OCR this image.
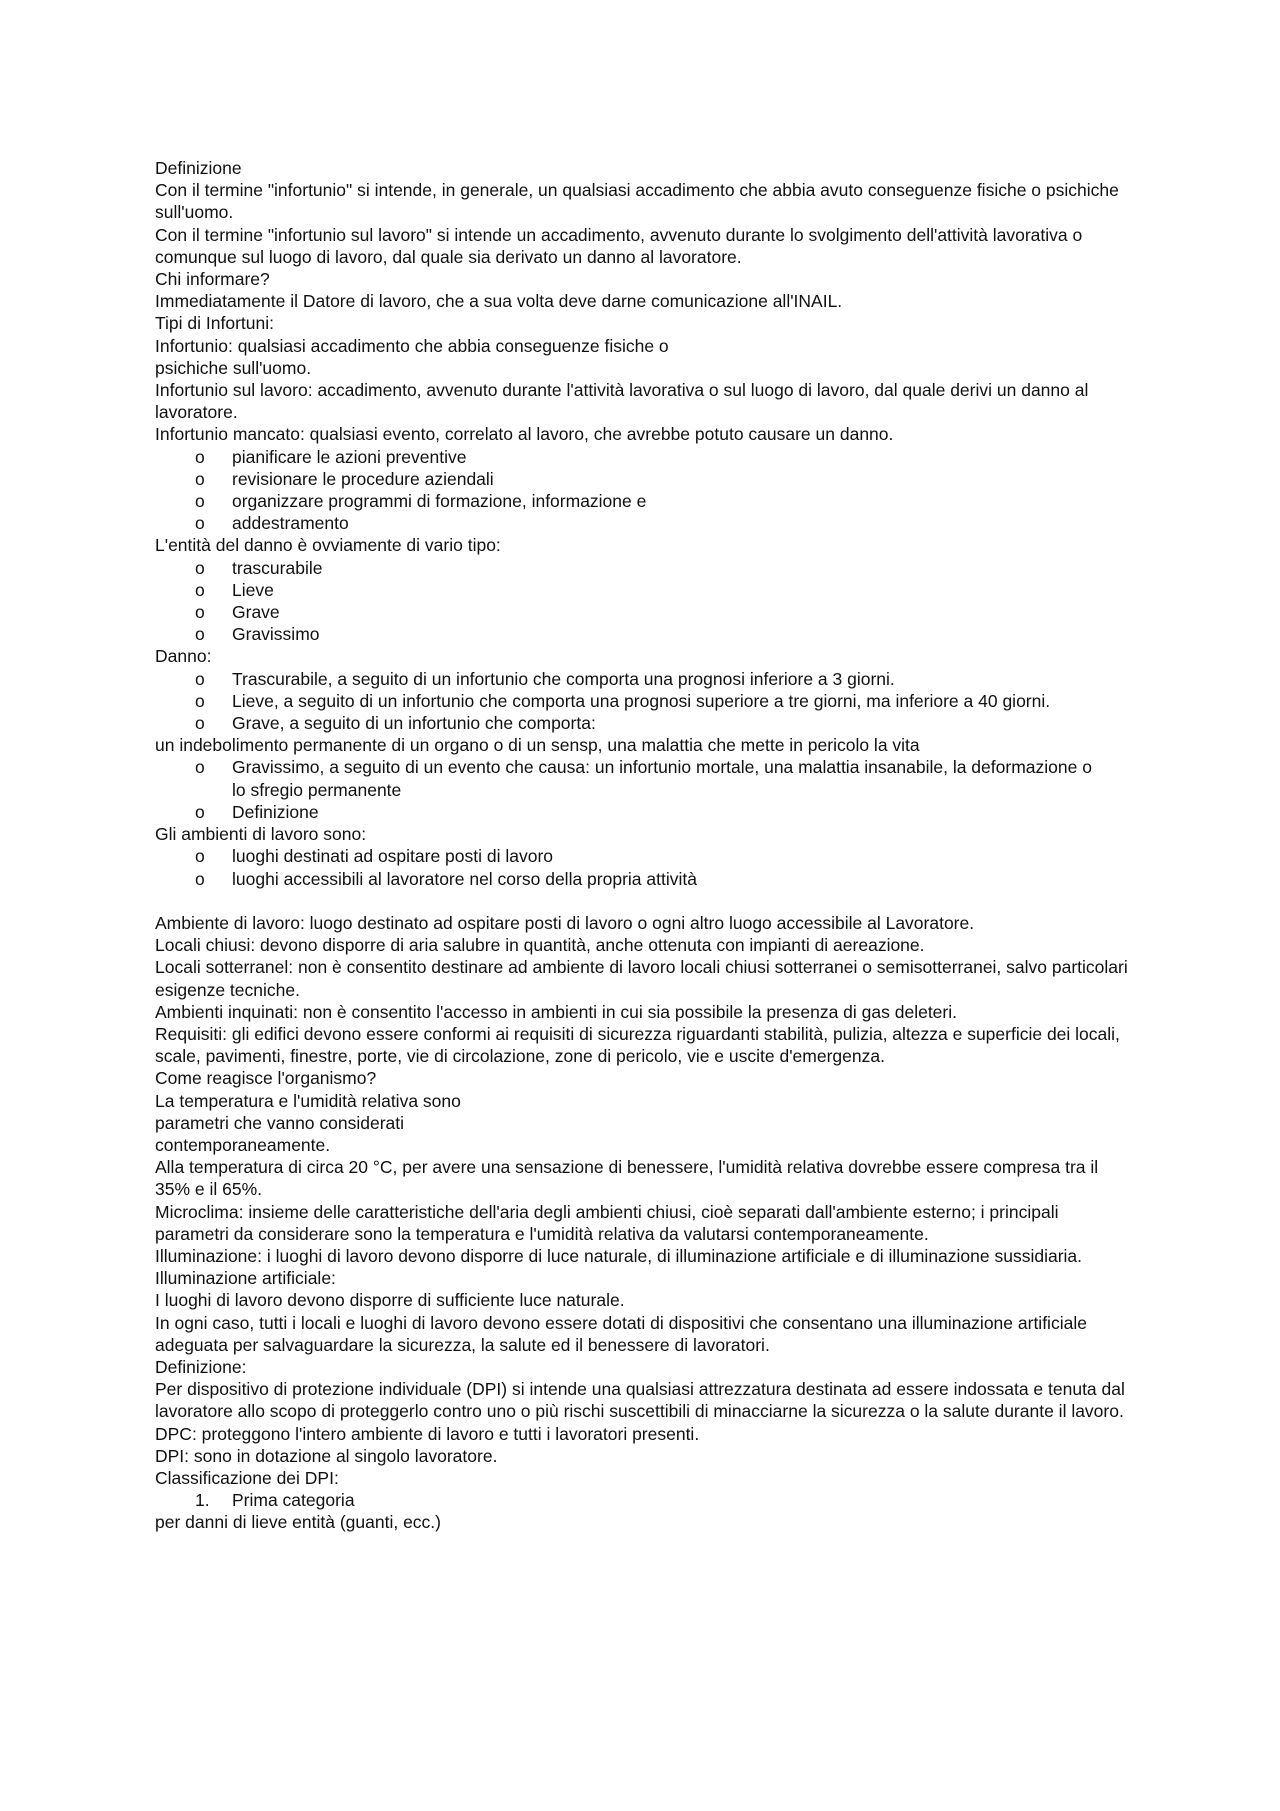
Definizione
Con il termine "infortunio" si intende, in generale, un qualsiasi accadimento che abbia avuto conseguenze fisiche o psichiche sull'uomo.
Con il termine "infortunio sul lavoro" si intende un accadimento, avvenuto durante lo svolgimento dell'attività lavorativa o comunque sul luogo di lavoro, dal quale sia derivato un danno al lavoratore.
Chi informare?
Immediatamente il Datore di lavoro, che a sua volta deve darne comunicazione all'INAIL.
Tipi di Infortuni:
Infortunio: qualsiasi accadimento che abbia conseguenze fisiche o
psichiche sull'uomo.
Infortunio sul lavoro: accadimento, avvenuto durante l'attività lavorativa o sul luogo di lavoro, dal quale derivi un danno al lavoratore.
Infortunio mancato: qualsiasi evento, correlato al lavoro, che avrebbe potuto causare un danno.
o	pianificare le azioni preventive
o	revisionare le procedure aziendali
o	organizzare programmi di formazione, informazione e
o	addestramento
L'entità del danno è ovviamente di vario tipo:
o	trascurabile
o	Lieve
o	Grave
o	Gravissimo
Danno:
o	Trascurabile, a seguito di un infortunio che comporta una prognosi inferiore a 3 giorni.
o	Lieve, a seguito di un infortunio che comporta una prognosi superiore a tre giorni, ma inferiore a 40 giorni.
o	Grave, a seguito di un infortunio che comporta:
un indebolimento permanente di un organo o di un sensp, una malattia che mette in pericolo la vita
o	Gravissimo, a seguito di un evento che causa: un infortunio mortale, una malattia insanabile, la deformazione o lo sfregio permanente
o	Definizione
Gli ambienti di lavoro sono:
o	luoghi destinati ad ospitare posti di lavoro
o	luoghi accessibili al lavoratore nel corso della propria attività
Ambiente di lavoro: luogo destinato ad ospitare posti di lavoro o ogni altro luogo accessibile al Lavoratore.
Locali chiusi: devono disporre di aria salubre in quantità, anche ottenuta con impianti di aereazione.
Locali sotterranel: non è consentito destinare ad ambiente di lavoro locali chiusi sotterranei o semisotterranei, salvo particolari esigenze tecniche.
Ambienti inquinati: non è consentito l'accesso in ambienti in cui sia possibile la presenza di gas deleteri.
Requisiti: gli edifici devono essere conformi ai requisiti di sicurezza riguardanti stabilità, pulizia, altezza e superficie dei locali, scale, pavimenti, finestre, porte, vie di circolazione, zone di pericolo, vie e uscite d'emergenza.
Come reagisce l'organismo?
La temperatura e l'umidità relativa sono
parametri che vanno considerati
contemporaneamente.
Alla temperatura di circa 20 °C, per avere una sensazione di benessere, l'umidità relativa dovrebbe essere compresa tra il 35% e il 65%.
Microclima: insieme delle caratteristiche dell'aria degli ambienti chiusi, cioè separati dall'ambiente esterno; i principali parametri da considerare sono la temperatura e l'umidità relativa da valutarsi contemporaneamente.
Illuminazione: i luoghi di lavoro devono disporre di luce naturale, di illuminazione artificiale e di illuminazione sussidiaria.
Illuminazione artificiale:
I luoghi di lavoro devono disporre di sufficiente luce naturale.
In ogni caso, tutti i locali e luoghi di lavoro devono essere dotati di dispositivi che consentano una illuminazione artificiale adeguata per salvaguardare la sicurezza, la salute ed il benessere di lavoratori.
Definizione:
Per dispositivo di protezione individuale (DPI) si intende una qualsiasi attrezzatura destinata ad essere indossata e tenuta dal lavoratore allo scopo di proteggerlo contro uno o più rischi suscettibili di minacciarne la sicurezza o la salute durante il lavoro.
DPC: proteggono l'intero ambiente di lavoro e tutti i lavoratori presenti.
DPI: sono in dotazione al singolo lavoratore.
Classificazione dei DPI:
1.	Prima categoria
per danni di lieve entità (guanti, ecc.)
